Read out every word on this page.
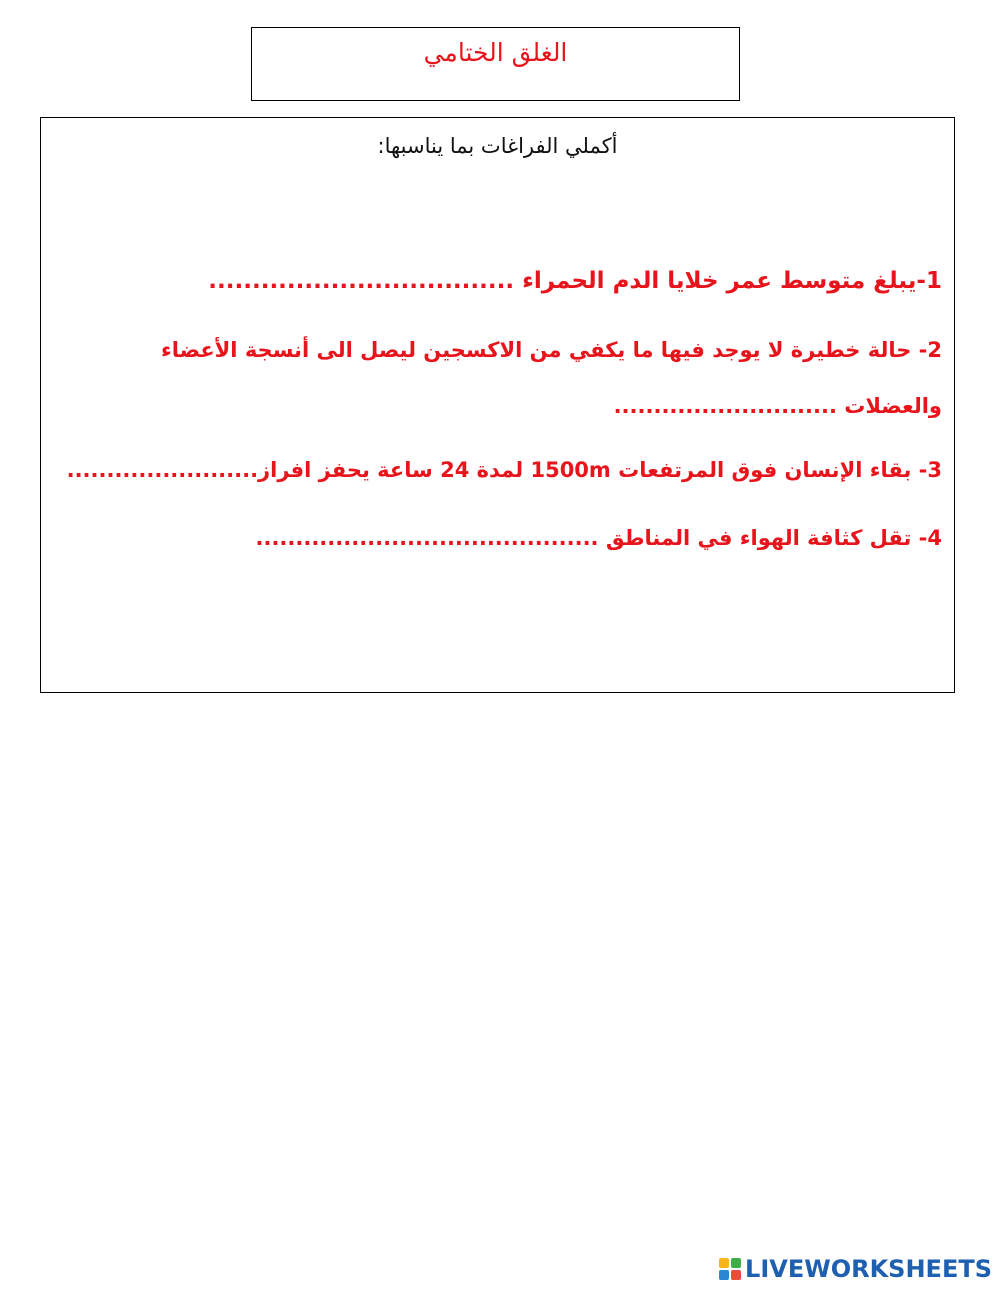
الغلق الختامي
أكملي الفراغات بما يناسبها:
1-يبلغ متوسط عمر خلايا الدم الحمراء ...................................
2- حالة خطيرة لا يوجد فيها ما يكفي من الاكسجين ليصل الى أنسجة الأعضاء
والعضلات ............................
3- بقاء الإنسان فوق المرتفعات 1500m لمدة 24 ساعة يحفز افراز........................
4- تقل كثافة الهواء في المناطق ...........................................
LIVEWORKSHEETS
